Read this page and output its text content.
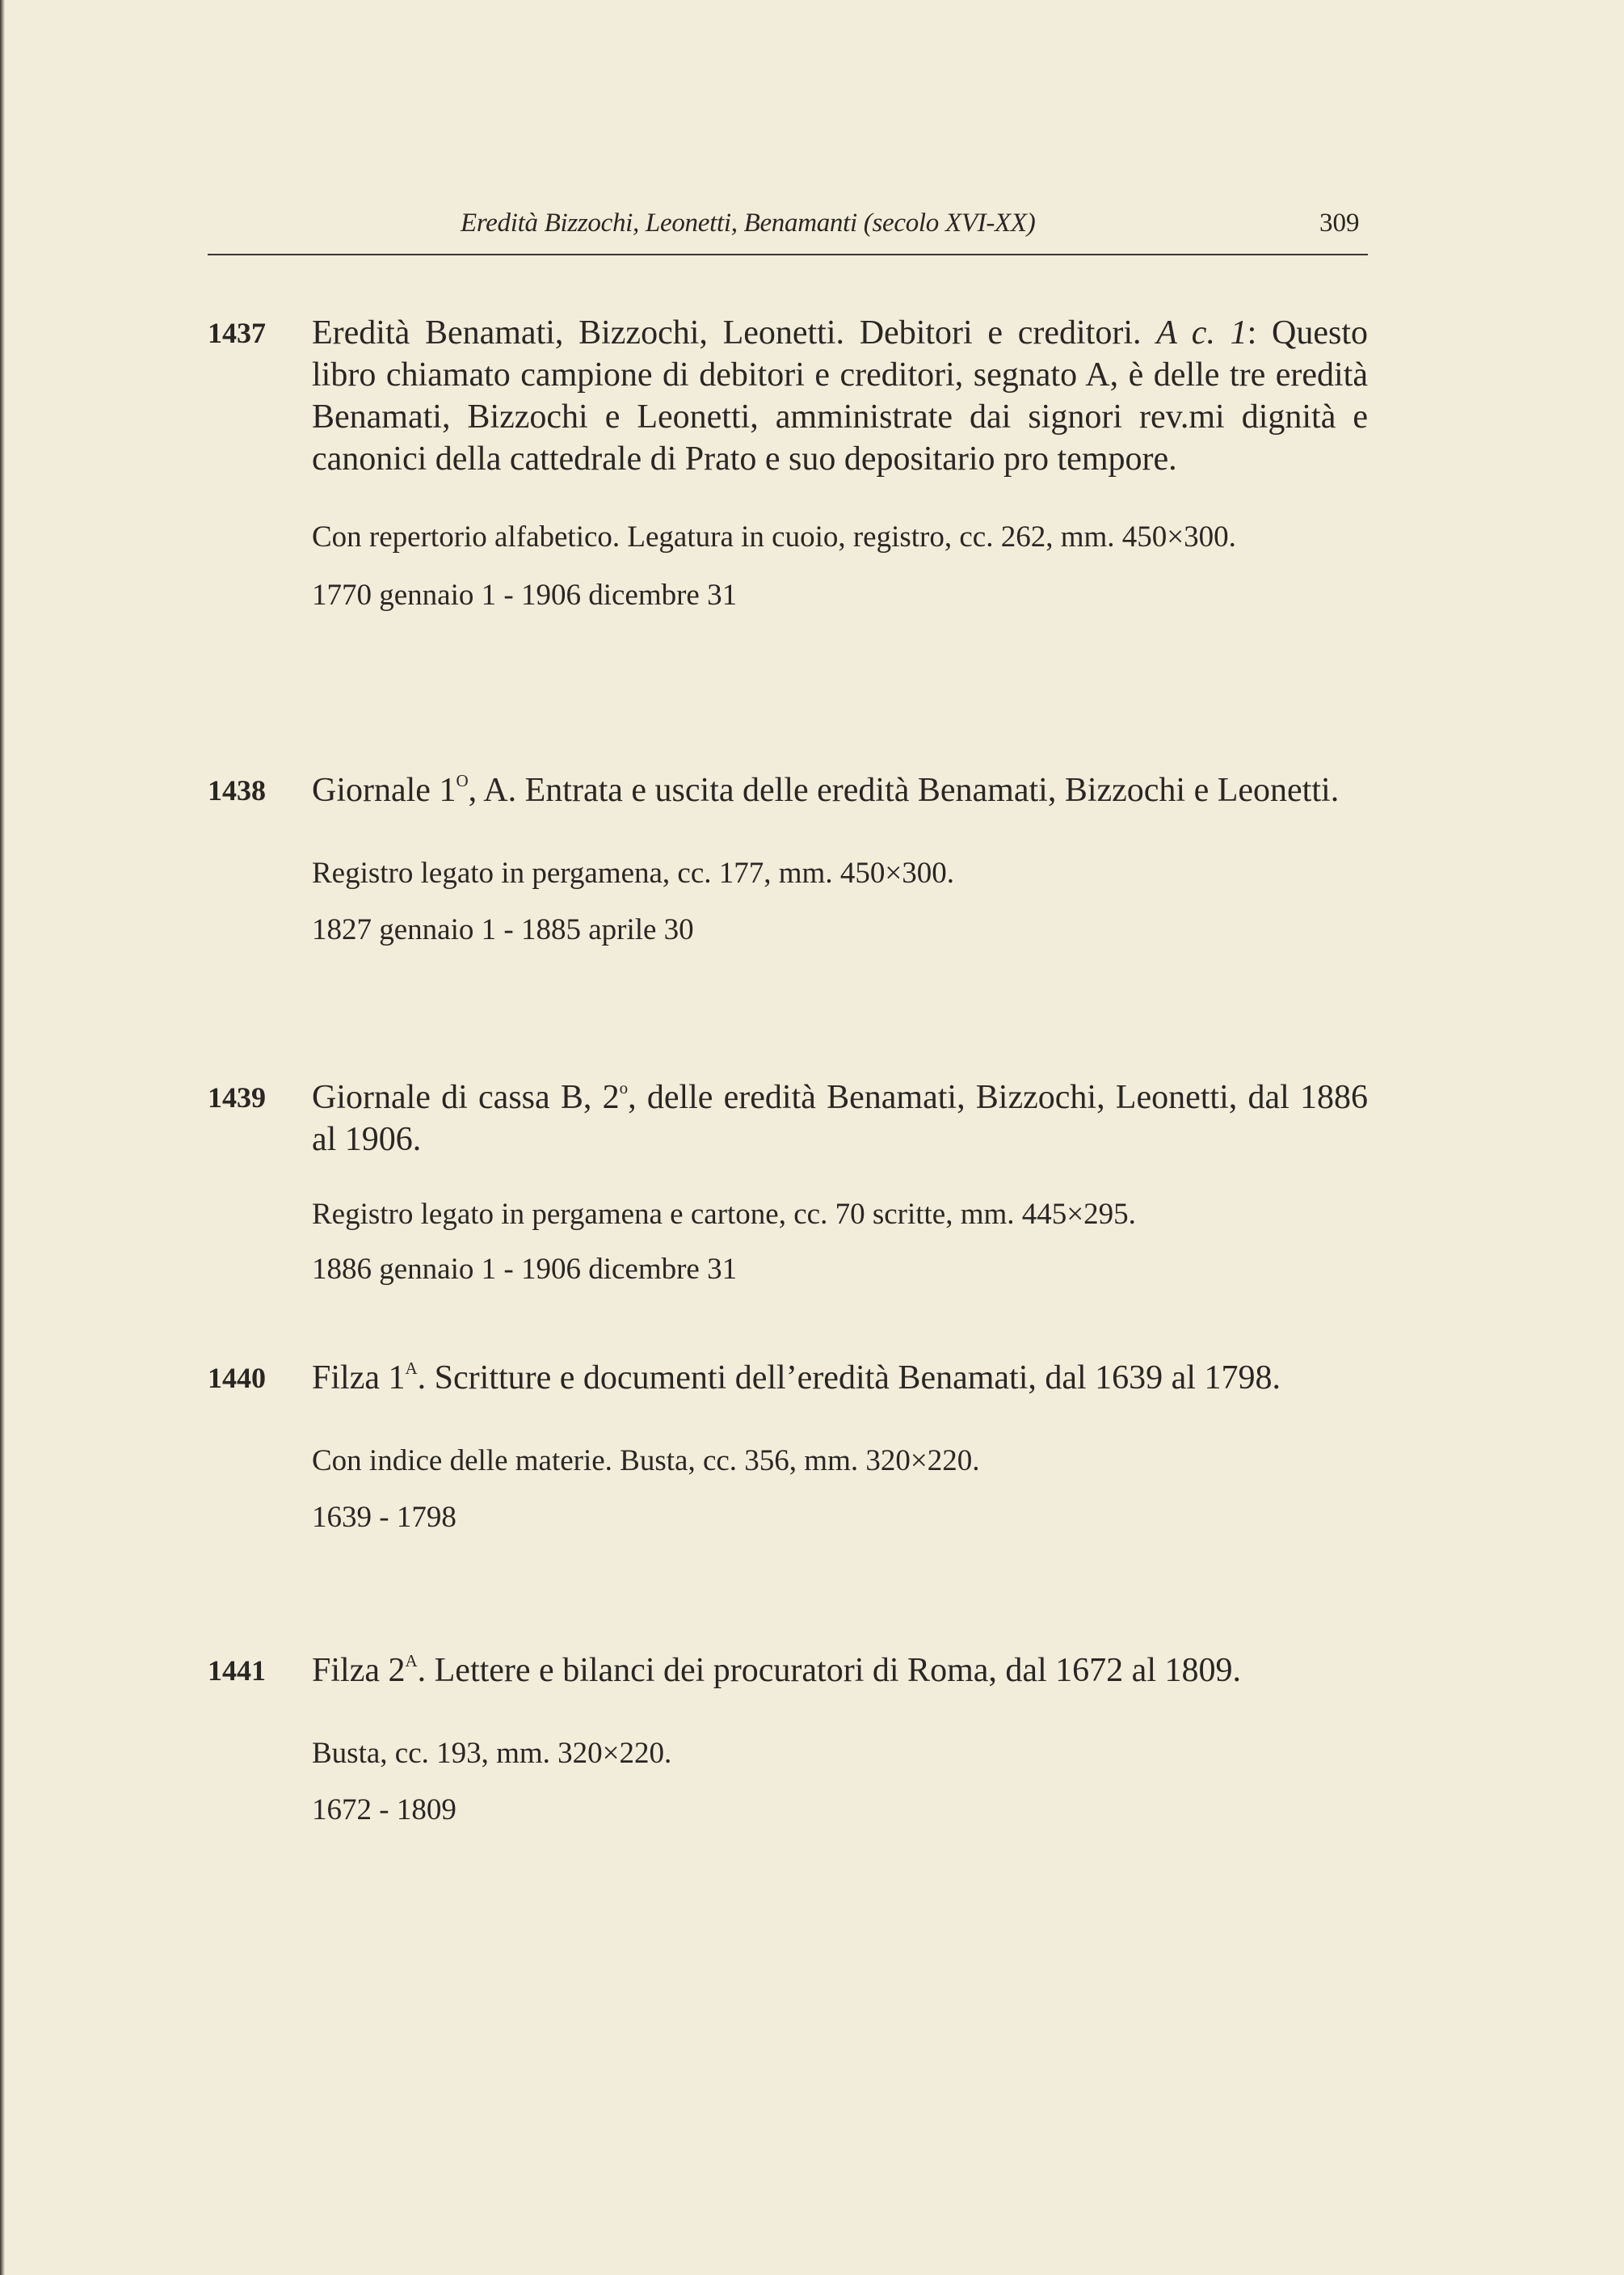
Eredità Bizzochi, Leonetti, Benamanti (secolo XVI-XX)	309
1437 Eredità Benamati, Bizzochi, Leonetti. Debitori e creditori. A c. 1: Questo libro chiamato campione di debitori e creditori, segnato A, è delle tre eredità Benamati, Bizzochi e Leonetti, amministrate dai signori rev.mi dignità e canonici della cattedrale di Prato e suo depositario pro tempore.
Con repertorio alfabetico. Legatura in cuoio, registro, cc. 262, mm. 450×300.
1770 gennaio 1 - 1906 dicembre 31
1438 Giornale $1^O$, A. Entrata e uscita delle eredità Benamati, Bizzochi e Leonetti.
Registro legato in pergamena, cc. 177, mm. 450×300.
1827 gennaio 1 - 1885 aprile 30
1439 Giornale di cassa B, 2$^o$, delle eredità Benamati, Bizzochi, Leonetti, dal 1886 al 1906.
Registro legato in pergamena e cartone, cc. 70 scritte, mm. 445×295.
1886 gennaio 1 - 1906 dicembre 31
1440 Filza $1^A$. Scritture e documenti dell’eredità Benamati, dal 1639 al 1798.
Con indice delle materie. Busta, cc. 356, mm. 320×220.
1639 - 1798
1441 Filza $2^A$. Lettere e bilanci dei procuratori di Roma, dal 1672 al 1809.
Busta, cc. 193, mm. 320×220.
1672 - 1809
